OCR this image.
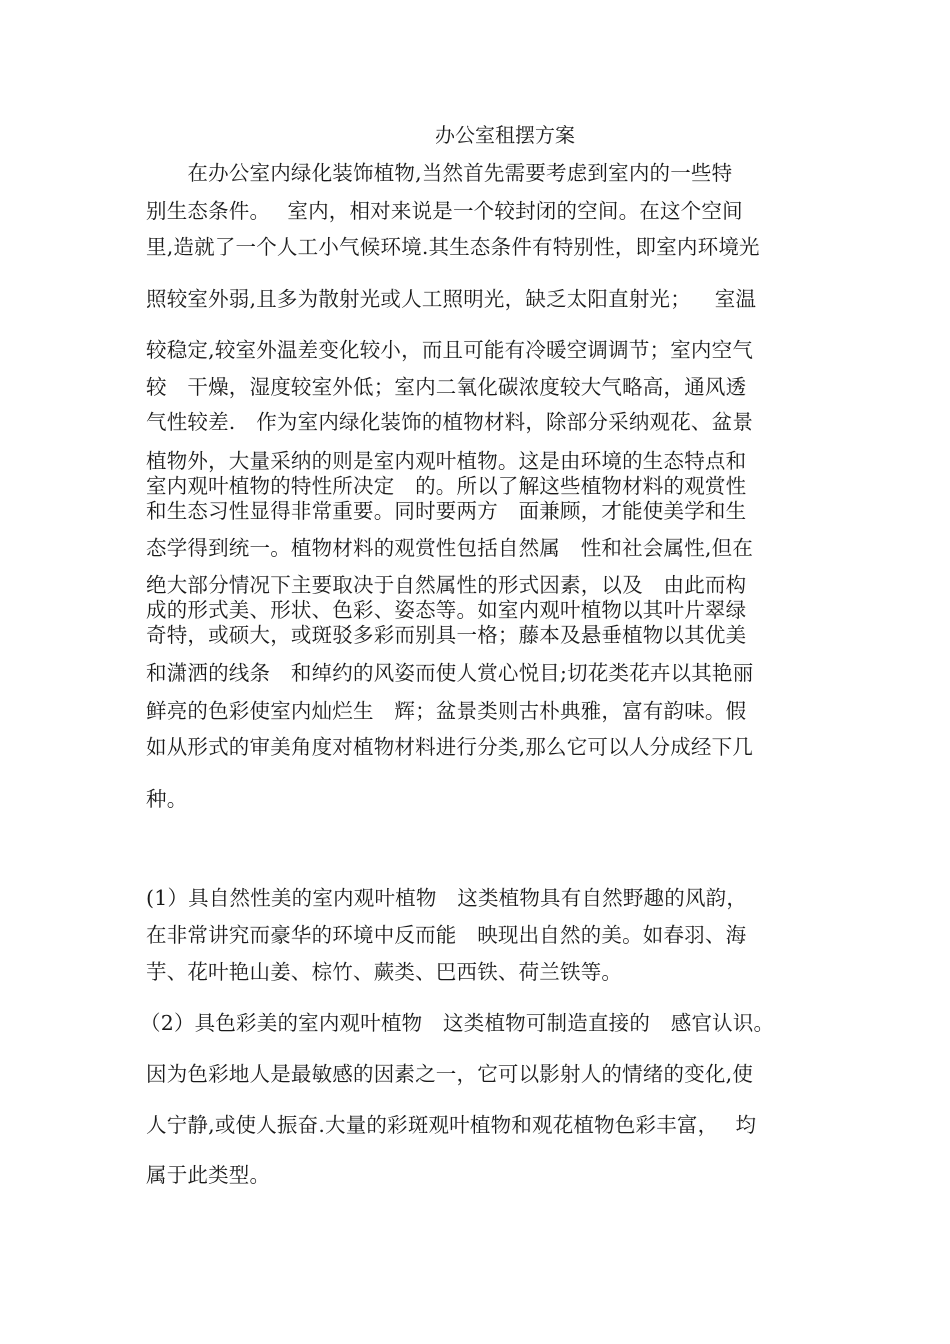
办公室租摆方案
　　在办公室内绿化装饰植物,当然首先需要考虑到室内的一些特
别生态条件。　 室内，相对来说是一个较封闭的空间。在这个空间
里,造就了一个人工小气候环境.其生态条件有特别性，即室内环境光
照较室外弱,且多为散射光或人工照明光，缺乏太阳直射光；　  室温
较稳定,较室外温差变化较小，而且可能有冷暖空调调节；室内空气
较　干燥，湿度较室外低；室内二氧化碳浓度较大气略高，通风透
气性较差.　作为室内绿化装饰的植物材料，除部分采纳观花、盆景
植物外，大量采纳的则是室内观叶植物。这是由环境的生态特点和
室内观叶植物的特性所决定　的。所以了解这些植物材料的观赏性
和生态习性显得非常重要。同时要两方　面兼顾，才能使美学和生
态学得到统一。植物材料的观赏性包括自然属　性和社会属性,但在
绝大部分情况下主要取决于自然属性的形式因素，以及　由此而构
成的形式美、形状、色彩、姿态等。如室内观叶植物以其叶片翠绿
奇特，或硕大，或斑驳多彩而别具一格；藤本及悬垂植物以其优美
和潇洒的线条　和绰约的风姿而使人赏心悦目;切花类花卉以其艳丽
鲜亮的色彩使室内灿烂生　辉；盆景类则古朴典雅，富有韵味。假
如从形式的审美角度对植物材料进行分类,那么它可以人分成经下几
种。
(1）具自然性美的室内观叶植物　这类植物具有自然野趣的风韵，
在非常讲究而豪华的环境中反而能　映现出自然的美。如春羽、海
芋、花叶艳山姜、棕竹、蕨类、巴西铁、荷兰铁等。
（2）具色彩美的室内观叶植物　这类植物可制造直接的　感官认识。
因为色彩地人是最敏感的因素之一，它可以影射人的情绪的变化,使
人宁静,或使人振奋.大量的彩斑观叶植物和观花植物色彩丰富，　 均
属于此类型。
